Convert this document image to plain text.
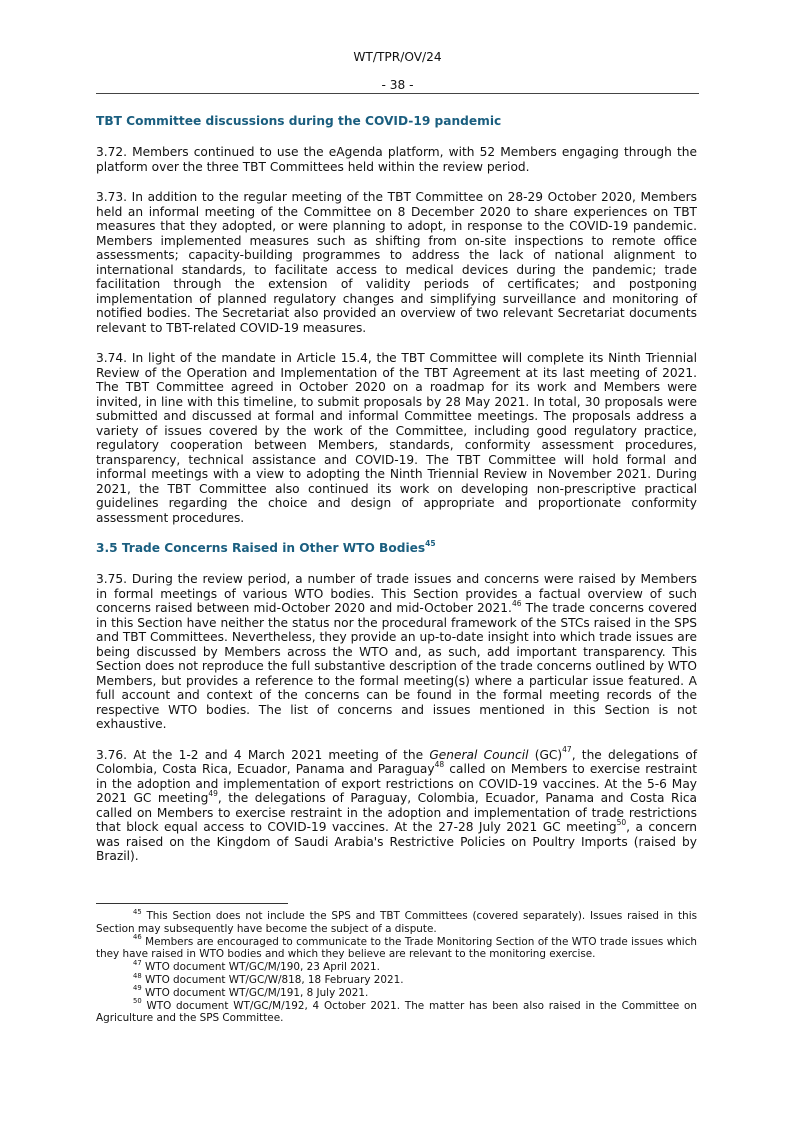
WT/TPR/OV/24
- 38 -
TBT Committee discussions during the COVID-19 pandemic

3.72. Members continued to use the eAgenda platform, with 52 Members engaging through the platform over the three TBT Committees held within the review period.

3.73. In addition to the regular meeting of the TBT Committee on 28-29 October 2020, Members held an informal meeting of the Committee on 8 December 2020 to share experiences on TBT measures that they adopted, or were planning to adopt, in response to the COVID-19 pandemic. Members implemented measures such as shifting from on-site inspections to remote office assessments; capacity-building programmes to address the lack of national alignment to international standards, to facilitate access to medical devices during the pandemic; trade facilitation through the extension of validity periods of certificates; and postponing implementation of planned regulatory changes and simplifying surveillance and monitoring of notified bodies. The Secretariat also provided an overview of two relevant Secretariat documents relevant to TBT-related COVID-19 measures.

3.74. In light of the mandate in Article 15.4, the TBT Committee will complete its Ninth Triennial Review of the Operation and Implementation of the TBT Agreement at its last meeting of 2021. The TBT Committee agreed in October 2020 on a roadmap for its work and Members were invited, in line with this timeline, to submit proposals by 28 May 2021. In total, 30 proposals were submitted and discussed at formal and informal Committee meetings. The proposals address a variety of issues covered by the work of the Committee, including good regulatory practice, regulatory cooperation between Members, standards, conformity assessment procedures, transparency, technical assistance and COVID-19. The TBT Committee will hold formal and informal meetings with a view to adopting the Ninth Triennial Review in November 2021. During 2021, the TBT Committee also continued its work on developing non-prescriptive practical guidelines regarding the choice and design of appropriate and proportionate conformity assessment procedures.

3.5 Trade Concerns Raised in Other WTO Bodies$^{45}$

3.75. During the review period, a number of trade issues and concerns were raised by Members in formal meetings of various WTO bodies. This Section provides a factual overview of such concerns raised between mid-October 2020 and mid-October 2021.46 The trade concerns covered in this Section have neither the status nor the procedural framework of the STCs raised in the SPS and TBT Committees. Nevertheless, they provide an up-to-date insight into which trade issues are being discussed by Members across the WTO and, as such, add important transparency. This Section does not reproduce the full substantive description of the trade concerns outlined by WTO Members, but provides a reference to the formal meeting(s) where a particular issue featured. A full account and context of the concerns can be found in the formal meeting records of the respective WTO bodies. The list of concerns and issues mentioned in this Section is not exhaustive.

3.76. At the 1-2 and 4 March 2021 meeting of the General Council (GC)$^{47}$, the delegations of Colombia, Costa Rica, Ecuador, Panama and Paraguay$^{48}$ called on Members to exercise restraint in the adoption and implementation of export restrictions on COVID-19 vaccines. At the 5-6 May 2021 GC meeting$^{49}$, the delegations of Paraguay, Colombia, Ecuador, Panama and Costa Rica called on Members to exercise restraint in the adoption and implementation of trade restrictions that block equal access to COVID-19 vaccines. At the 27-28 July 2021 GC meeting$^{50}$, a concern was raised on the Kingdom of Saudi Arabia's Restrictive Policies on Poultry Imports (raised by Brazil).

$^{45}$ This Section does not include the SPS and TBT Committees (covered separately). Issues raised in this Section may subsequently have become the subject of a dispute.

$^{46}$ Members are encouraged to communicate to the Trade Monitoring Section of the WTO trade issues which they have raised in WTO bodies and which they believe are relevant to the monitoring exercise.

$^{47}$ WTO document WT/GC/M/190, 23 April 2021.

$^{48}$ WTO document WT/GC/W/818, 18 February 2021.

$^{49}$ WTO document WT/GC/M/191, 8 July 2021.

$^{50}$ WTO document WT/GC/M/192, 4 October 2021. The matter has been also raised in the Committee on Agriculture and the SPS Committee.
